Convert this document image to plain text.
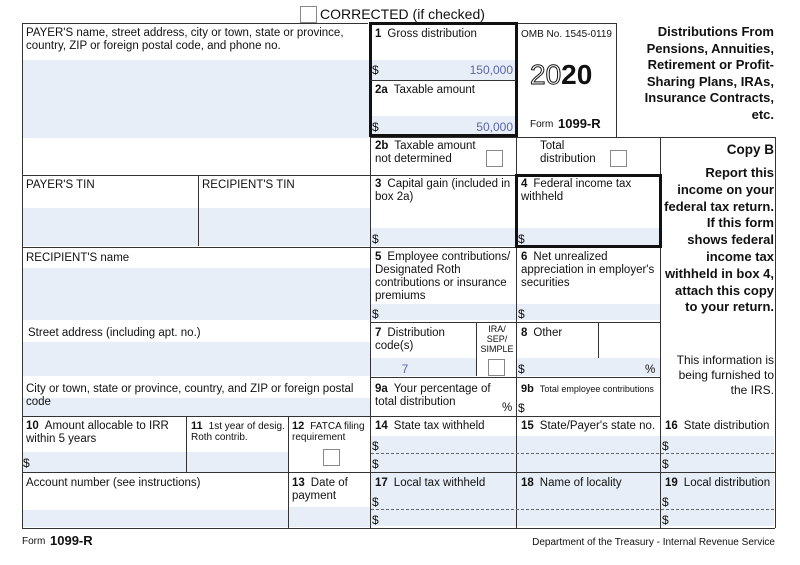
CORRECTED (if checked)
PAYER'S name, street address, city or town, state or province, country, ZIP or foreign postal code, and phone no.
PAYER'S TIN	RECIPIENT'S TIN
RECIPIENT'S name
Street address (including apt. no.)
City or town, state or province, country, and ZIP or foreign postal code
Account number (see instructions)
1 Gross distribution
$	150,000
2a Taxable amount
$	50,000
OMB No. 1545-0119
2020
Form 1099-R
Distributions From Pensions, Annuities, Retirement or Profit-Sharing Plans, IRAs, Insurance Contracts, etc.
2b Taxable amount not determined
Total distribution
3 Capital gain (included in box 2a)
$
4 Federal income tax withheld
$
5 Employee contributions/ Designated Roth contributions or insurance premiums
$
6 Net unrealized appreciation in employer's securities
$
7 Distribution code(s)
7
IRA/ SEP/ SIMPLE
8 Other
$	%
9a Your percentage of total distribution	%
9b Total employee contributions
$
Copy B
Report this income on your federal tax return. If this form shows federal income tax withheld in box 4, attach this copy to your return.
This information is being furnished to the IRS.
10 Amount allocable to IRR within 5 years
$
11 1st year of desig. Roth contrib.
12 FATCA filing requirement
13 Date of payment
14 State tax withheld
$
$
15 State/Payer's state no. 16 State distribution
$
$
17 Local tax withheld
$
$
18 Name of locality	19 Local distribution
$
$
Form 1099-R	Department of the Treasury - Internal Revenue Service
